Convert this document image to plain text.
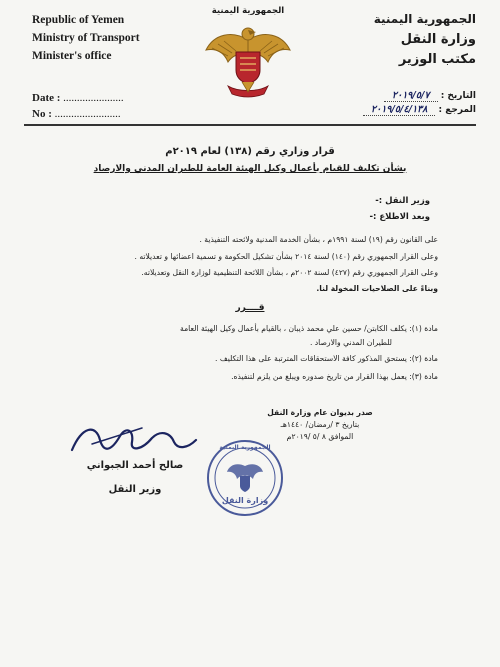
Republic of Yemen
Ministry of Transport
Minister's office
الجمهورية اليمنية
وزارة النقل
مكتب الوزير
الجمهورية اليمنية
Date : ......................
No : ........................
التاريخ : ٢٠١٩/٥/٧
المرجع : ٢٠١٩/٥/٤/١٣٨
قرار وزاري رقم (١٣٨) لعام ٢٠١٩م
بشأن تكليف للقيام بأعمال وكيل الهيئة العامة للطيران المدني والارصاد
وزير النقل :-
وبعد الاطلاع :-
على القانون رقم (١٩) لسنة ١٩٩١م ، بشأن الخدمة المدنية ولائحته التنفيذية .
وعلى القرار الجمهوري رقم (١٤٠) لسنة ٢٠١٤ بشأن تشكيل الحكومة و تسمية اعضائها و تعديلاته .
وعلى القرار الجمهوري رقم (٤٢٧) لسنة ٢٠٠٢م ، بشأن اللائحة التنظيمية لوزارة النقل وتعديلاته.
وبناءً على الصلاحيات المخولة لنا.
قــــرر
مادة (١): يكلف الكابتن/ حسين علي محمد ذيبان ، بالقيام بأعمال وكيل الهيئة العامة
للطيران المدني والارصاد .
مادة (٢): يستحق المذكور كافة الاستحقاقات المترتبة على هذا التكليف .
مادة (٣): يعمل بهذا القرار من تاريخ صدوره ويبلغ من يلزم لتنفيذه.
صدر بديوان عام وزارة النقل
بتاريخ ٣ /رمضان/ ١٤٤٠هـ
الموافق ٨ /٥ /٢٠١٩م
الجمهورية اليمنية
وزارة النقل
صالح أحمد الجبواني
وزير النقل
